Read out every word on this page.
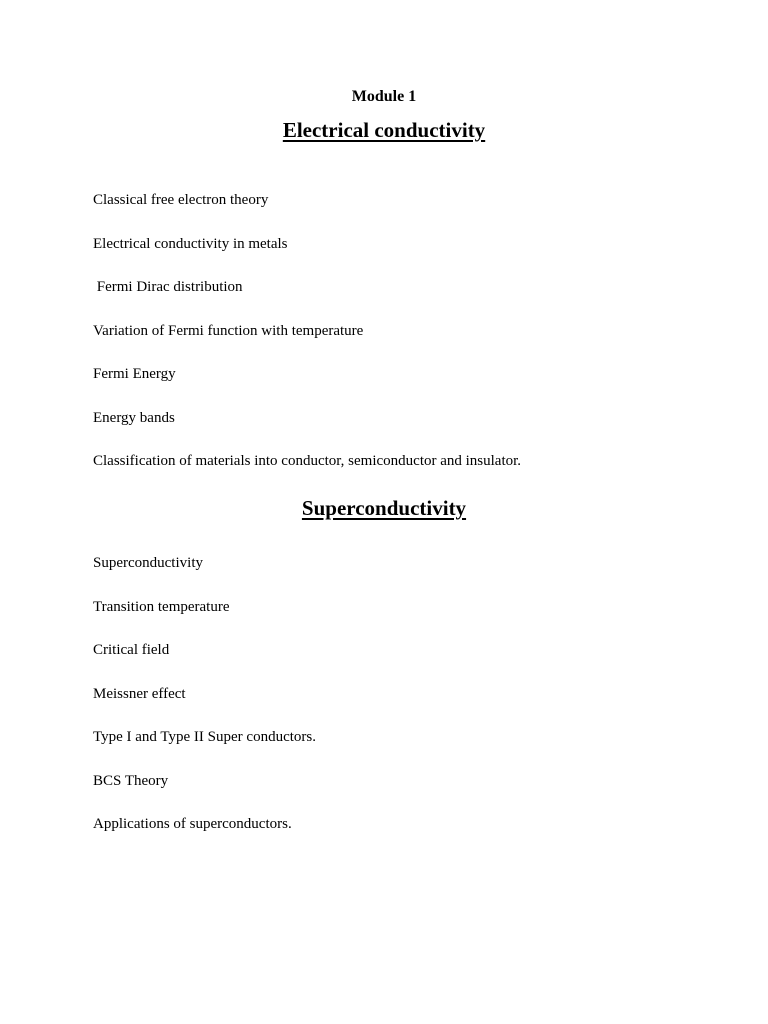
Module 1
Electrical conductivity
Classical free electron theory
Electrical conductivity in metals
Fermi Dirac distribution
Variation of Fermi function with temperature
Fermi Energy
Energy bands
Classification of materials into conductor, semiconductor and insulator.
Superconductivity
Superconductivity
Transition temperature
Critical field
Meissner effect
Type I and Type II Super conductors.
BCS Theory
Applications of superconductors.
